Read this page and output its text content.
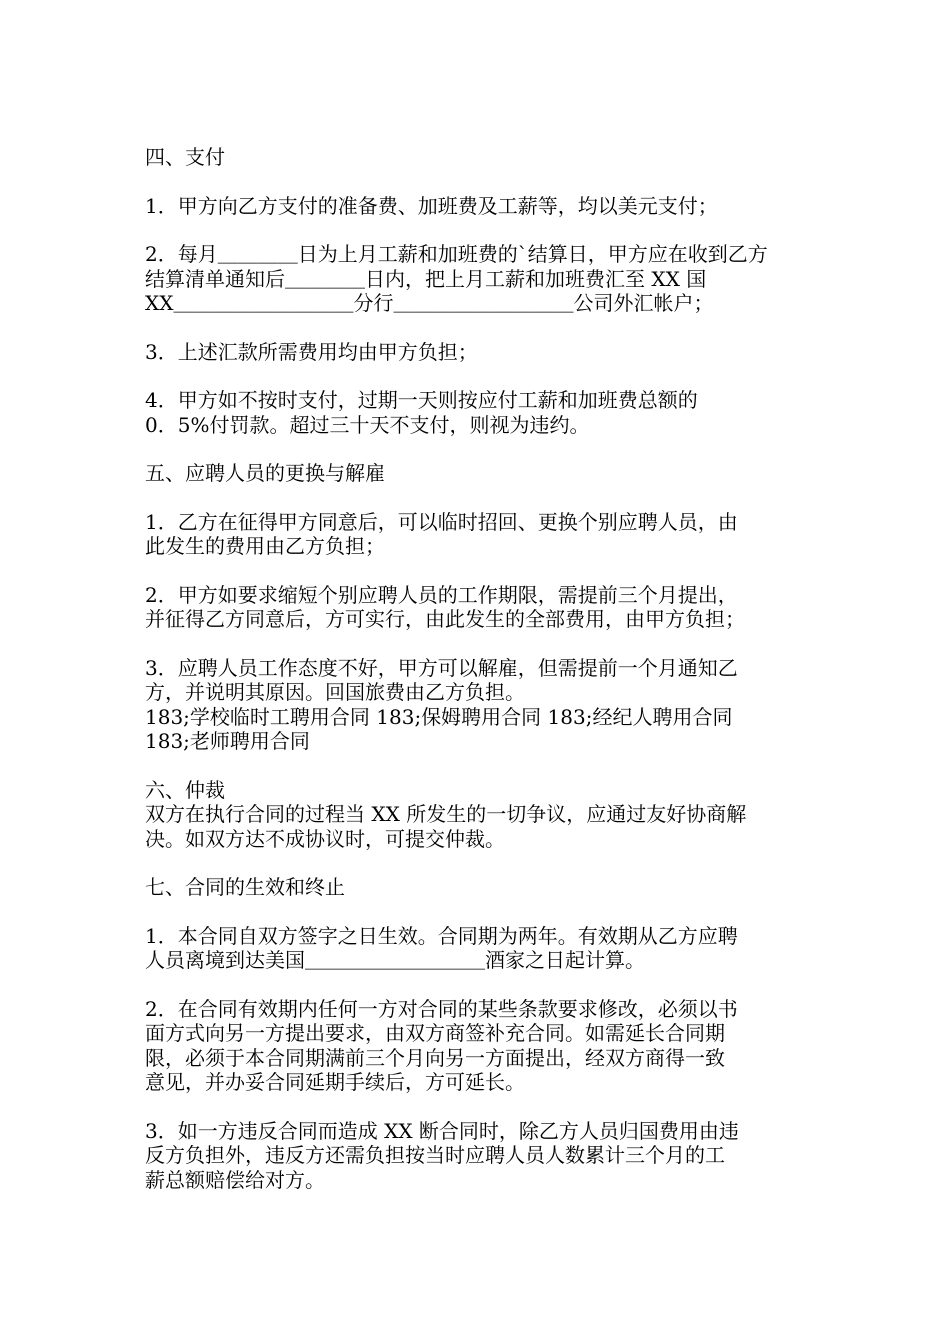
四、支付
1．甲方向乙方支付的准备费、加班费及工薪等，均以美元支付；
2．每月＿＿＿＿日为上月工薪和加班费的`结算日，甲方应在收到乙方
结算清单通知后＿＿＿＿日内，把上月工薪和加班费汇至 XX 国
XX＿＿＿＿＿＿＿＿＿分行＿＿＿＿＿＿＿＿＿公司外汇帐户；
3．上述汇款所需费用均由甲方负担；
4．甲方如不按时支付，过期一天则按应付工薪和加班费总额的
0．5%付罚款。超过三十天不支付，则视为违约。
五、应聘人员的更换与解雇
1．乙方在征得甲方同意后，可以临时招回、更换个别应聘人员，由
此发生的费用由乙方负担；
2．甲方如要求缩短个别应聘人员的工作期限，需提前三个月提出，
并征得乙方同意后，方可实行，由此发生的全部费用，由甲方负担；
3．应聘人员工作态度不好，甲方可以解雇，但需提前一个月通知乙
方，并说明其原因。回国旅费由乙方负担。
183;学校临时工聘用合同 183;保姆聘用合同 183;经纪人聘用合同
183;老师聘用合同
六、仲裁
双方在执行合同的过程当 XX 所发生的一切争议，应通过友好协商解
决。如双方达不成协议时，可提交仲裁。
七、合同的生效和终止
1．本合同自双方签字之日生效。合同期为两年。有效期从乙方应聘
人员离境到达美国＿＿＿＿＿＿＿＿＿酒家之日起计算。
2．在合同有效期内任何一方对合同的某些条款要求修改，必须以书
面方式向另一方提出要求，由双方商签补充合同。如需延长合同期
限，必须于本合同期满前三个月向另一方面提出，经双方商得一致
意见，并办妥合同延期手续后，方可延长。
3．如一方违反合同而造成 XX 断合同时，除乙方人员归国费用由违
反方负担外，违反方还需负担按当时应聘人员人数累计三个月的工
薪总额赔偿给对方。
